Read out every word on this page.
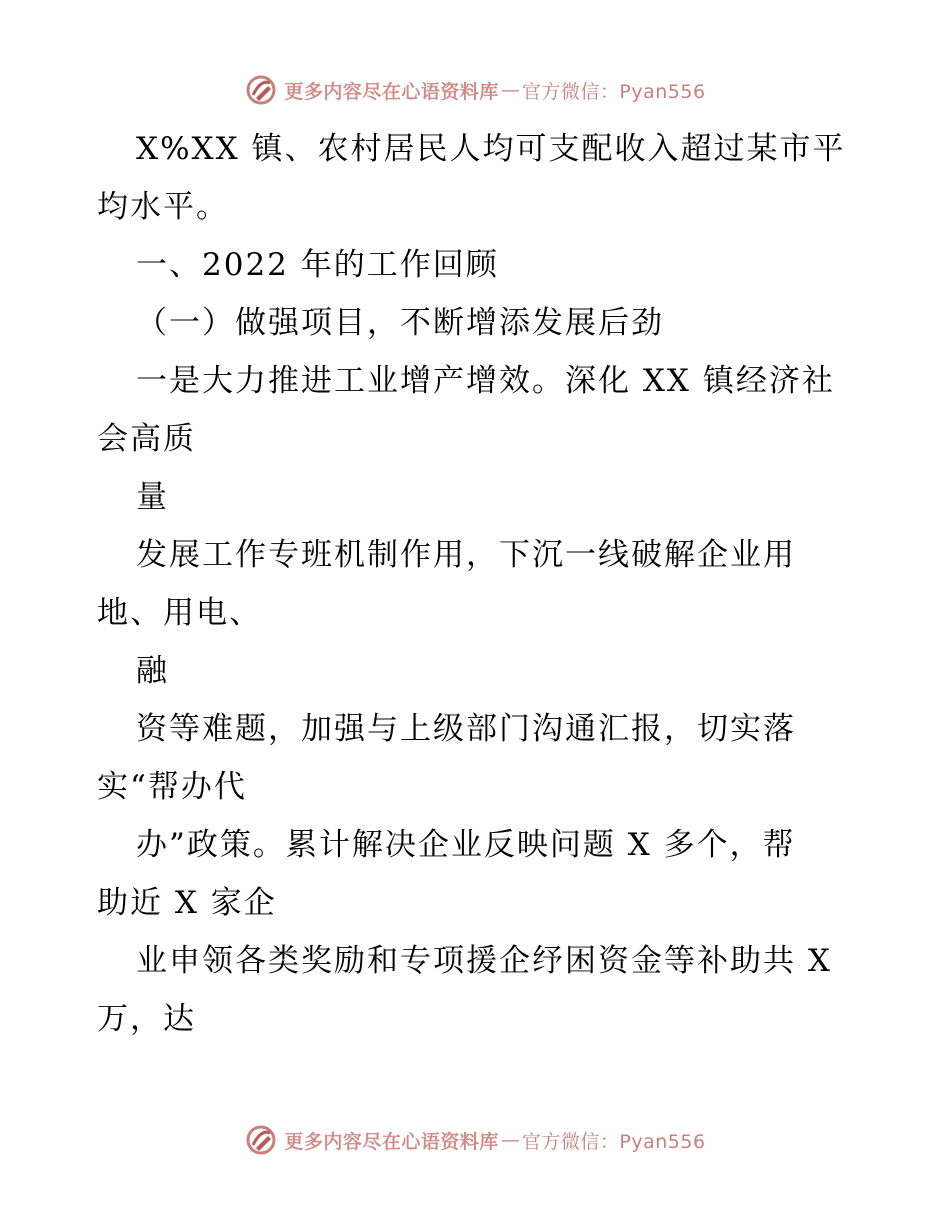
更多内容尽在心语资料库 — 官方微信：Pyan556
X%XX 镇、农村居民人均可支配收入超过某市平
均水平。
一、2022 年的工作回顾
（一）做强项目，不断增添发展后劲
一是大力推进工业增产增效。深化 XX 镇经济社
会高质
量
发展工作专班机制作用，下沉一线破解企业用
地、用电、
融
资等难题，加强与上级部门沟通汇报，切实落
实“帮办代
办”政策。累计解决企业反映问题 X 多个，帮
助近 X 家企
业申领各类奖励和专项援企纾困资金等补助共 X
万，达
更多内容尽在心语资料库 — 官方微信：Pyan556
